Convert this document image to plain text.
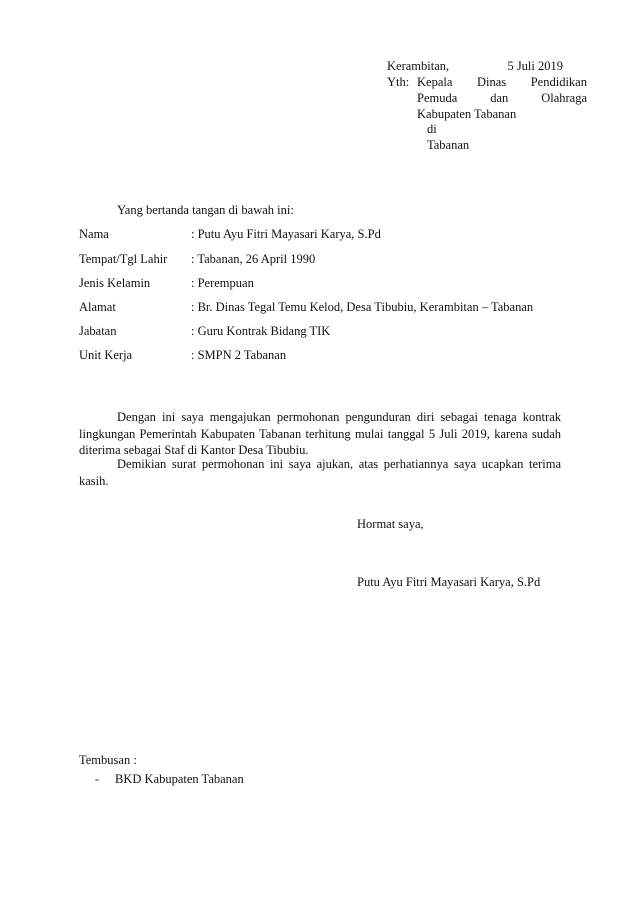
Kerambitan,	5 Juli 2019
Yth: Kepala Dinas Pendidikan
Pemuda	dan	Olahraga
Kabupaten Tabanan
di
Tabanan
Yang bertanda tangan di bawah ini:
Nama	: Putu Ayu Fitri Mayasari Karya, S.Pd
Tempat/Tgl Lahir : Tabanan, 26 April 1990
Jenis Kelamin	: Perempuan
Alamat	: Br. Dinas Tegal Temu Kelod, Desa Tibubiu, Kerambitan – Tabanan
Jabatan	: Guru Kontrak Bidang TIK
Unit Kerja	: SMPN 2 Tabanan
Dengan ini saya mengajukan permohonan pengunduran diri sebagai tenaga kontrak lingkungan Pemerintah Kabupaten Tabanan terhitung mulai tanggal 5 Juli 2019, karena sudah diterima sebagai Staf di Kantor Desa Tibubiu.
Demikian surat permohonan ini saya ajukan, atas perhatiannya saya ucapkan terima kasih.
Hormat saya,
Putu Ayu Fitri Mayasari Karya, S.Pd
Tembusan :
- BKD Kabupaten Tabanan
